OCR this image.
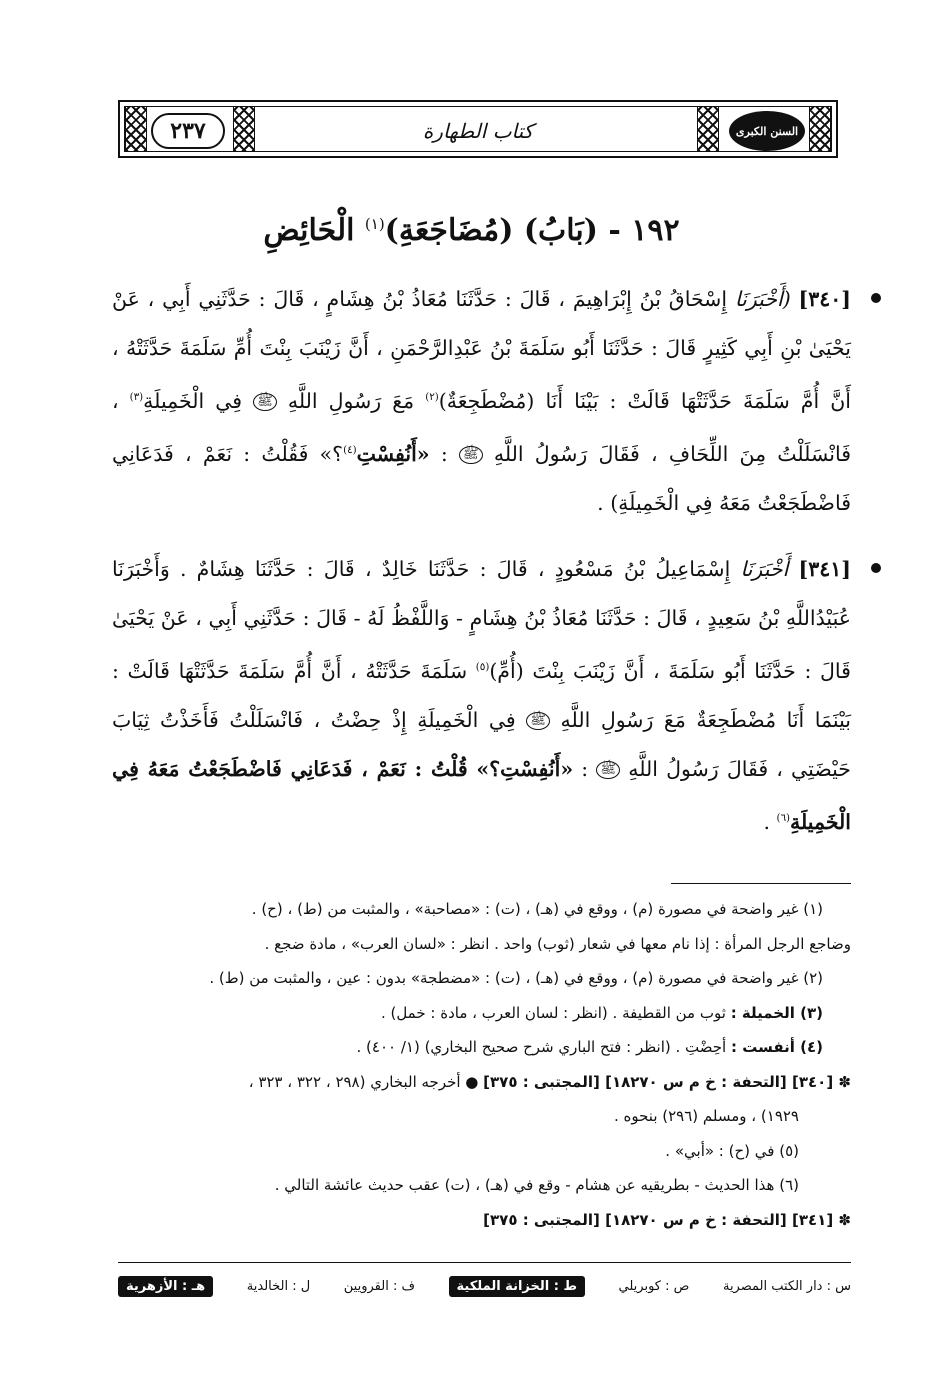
السنن الكبرى
كتاب الطهارة
٢٣٧
١٩٢ - (بَابُ) (مُضَاجَعَةِ)$^{(١)}$ الْحَائِضِ
[٣٤٠] (أَخْبَرَنَا إِسْحَاقُ بْنُ إِبْرَاهِيمَ ، قَالَ : حَدَّثَنَا مُعَاذُ بْنُ هِشَامٍ ، قَالَ : حَدَّثَنِي أَبِي ، عَنْ يَحْيَىٰ بْنِ أَبِي كَثِيرٍ قَالَ : حَدَّثَنَا أَبُو سَلَمَةَ بْنُ عَبْدِالرَّحْمَنِ ، أَنَّ زَيْنَبَ بِنْتَ أُمِّ سَلَمَةَ حَدَّثَتْهُ ، أَنَّ أُمَّ سَلَمَةَ حَدَّثَتْهَا قَالَتْ : بَيْنَا أَنَا (مُضْطَجِعَةٌ)$^{(٢)}$ مَعَ رَسُولِ اللَّهِ ﷺ فِي الْخَمِيلَةِ$^{(٣)}$ ، فَانْسَلَلْتُ مِنَ اللِّحَافِ ، فَقَالَ رَسُولُ اللَّهِ ﷺ : «أَنُفِسْتِ$^{(٤)}$؟» فَقُلْتُ : نَعَمْ ، فَدَعَانِي فَاضْطَجَعْتُ مَعَهُ فِي الْخَمِيلَةِ) .
[٣٤١] أَخْبَرَنَا إِسْمَاعِيلُ بْنُ مَسْعُودٍ ، قَالَ : حَدَّثَنَا خَالِدٌ ، قَالَ : حَدَّثَنَا هِشَامٌ . وَأَخْبَرَنَا عُبَيْدُاللَّهِ بْنُ سَعِيدٍ ، قَالَ : حَدَّثَنَا مُعَاذُ بْنُ هِشَامٍ - وَاللَّفْظُ لَهُ - قَالَ : حَدَّثَنِي أَبِي ، عَنْ يَحْيَىٰ قَالَ : حَدَّثَنَا أَبُو سَلَمَةَ ، أَنَّ زَيْنَبَ بِنْتَ (أُمِّ)$^{(٥)}$ سَلَمَةَ حَدَّثَتْهُ ، أَنَّ أُمَّ سَلَمَةَ حَدَّثَتْهَا قَالَتْ : بَيْنَمَا أَنَا مُضْطَجِعَةٌ مَعَ رَسُولِ اللَّهِ ﷺ فِي الْخَمِيلَةِ إِذْ حِضْتُ ، فَانْسَلَلْتُ فَأَخَذْتُ ثِيَابَ حَيْضَتِي ، فَقَالَ رَسُولُ اللَّهِ ﷺ : «أَنُفِسْتِ؟» قُلْتُ : نَعَمْ ، فَدَعَانِي فَاضْطَجَعْتُ مَعَهُ فِي الْخَمِيلَةِ$^{(٦)}$ .
(١) غير واضحة في مصورة (م) ، ووقع في (هـ) ، (ت) : «مصاحبة» ، والمثبت من (ط) ، (ح) .
وضاجع الرجل المرأة : إذا نام معها في شعار (ثوب) واحد . انظر : «لسان العرب» ، مادة ضجع .
(٢) غير واضحة في مصورة (م) ، ووقع في (هـ) ، (ت) : «مضطجة» بدون : عين ، والمثبت من (ط) .
(٣) الخميلة : ثوب من القطيفة . (انظر : لسان العرب ، مادة : خمل) .
(٤) أنفست : أحِضْتِ . (انظر : فتح الباري شرح صحيح البخاري) (١/ ٤٠٠) .
✽ [٣٤٠] [التحفة : خ م س ١٨٢٧٠] [المجتبى : ٣٧٥] ● أخرجه البخاري (٢٩٨ ، ٣٢٢ ، ٣٢٣ ،
١٩٢٩) ، ومسلم (٢٩٦) بنحوه .
(٥) في (ح) : «أبي» .
(٦) هذا الحديث - بطريقيه عن هشام - وقع في (هـ) ، (ت) عقب حديث عائشة التالي .
✽ [٣٤١] [التحفة : خ م س ١٨٢٧٠] [المجتبى : ٣٧٥]
س : دار الكتب المصرية
ص : كوبريلي
ط : الخزانة الملكية
ف : القرويين
ل : الخالدية
هـ : الأزهرية
